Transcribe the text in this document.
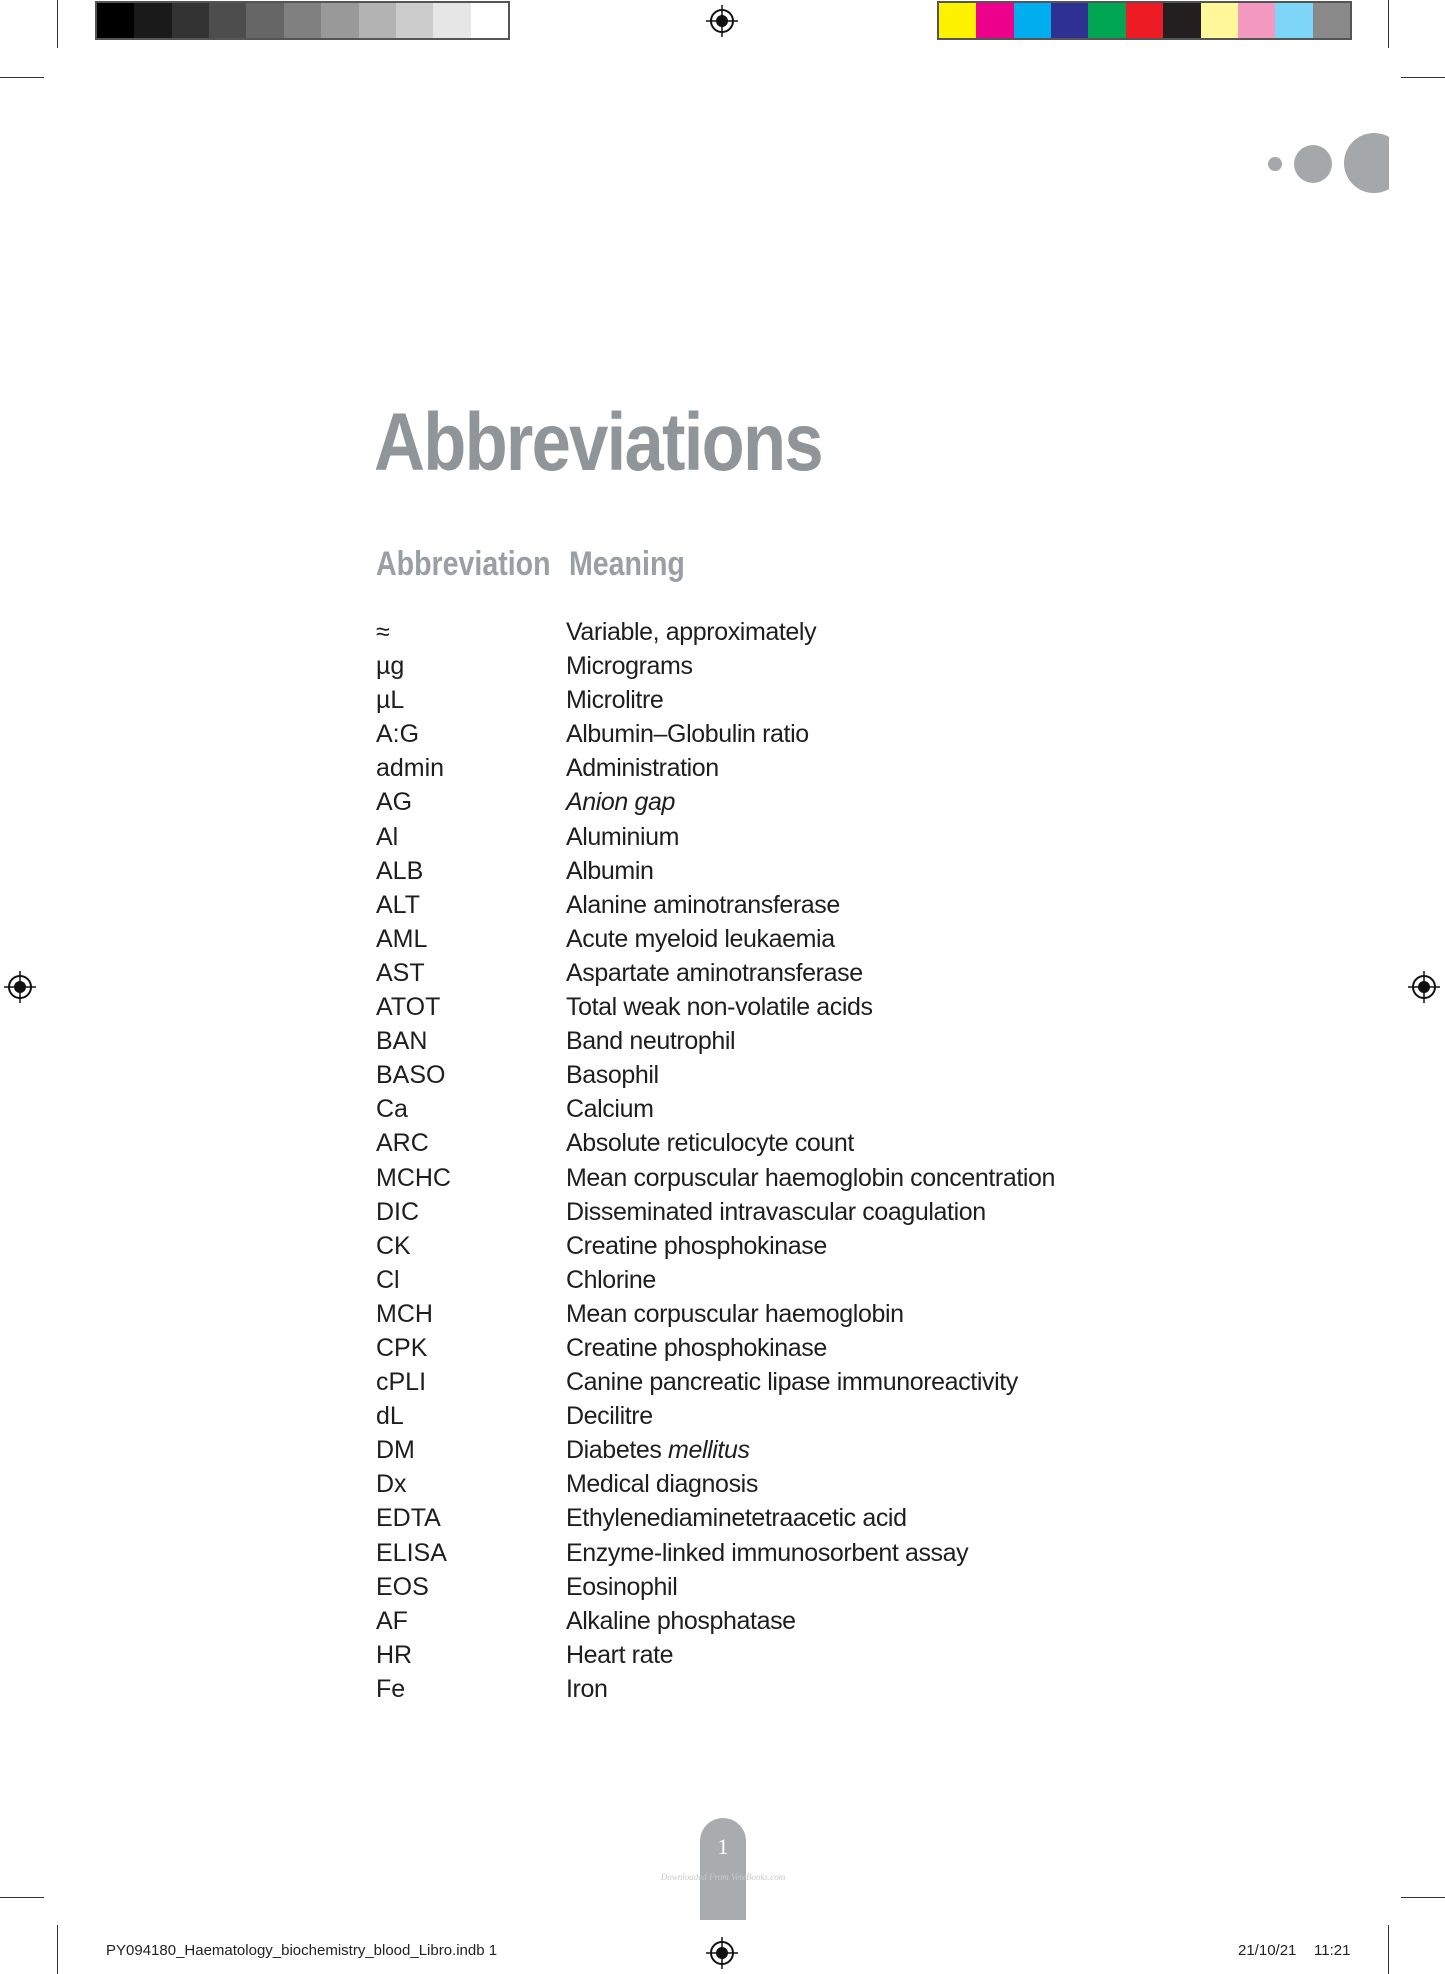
Abbreviations
Abbreviation Meaning
≈	Variable, approximately
µg	Micrograms
µL	Microlitre
A:G	Albumin–Globulin ratio
admin	Administration
AG	Anion gap
Al	Aluminium
ALB	Albumin
ALT	Alanine aminotransferase
AML	Acute myeloid leukaemia
AST	Aspartate aminotransferase
ATOT	Total weak non-volatile acids
BAN	Band neutrophil
BASO	Basophil
Ca	Calcium
ARC	Absolute reticulocyte count
MCHC	Mean corpuscular haemoglobin concentration
DIC	Disseminated intravascular coagulation
CK	Creatine phosphokinase
Cl	Chlorine
MCH	Mean corpuscular haemoglobin
CPK	Creatine phosphokinase
cPLI	Canine pancreatic lipase immunoreactivity
dL	Decilitre
DM	Diabetes mellitus
Dx	Medical diagnosis
EDTA	Ethylenediaminetetraacetic acid
ELISA	Enzyme-linked immunosorbent assay
EOS	Eosinophil
AF	Alkaline phosphatase
HR	Heart rate
Fe	Iron
1
Downloaded From VeteBooks.com
PY094180_Haematology_biochemistry_blood_Libro.indb 1	21/10/21 11:21
